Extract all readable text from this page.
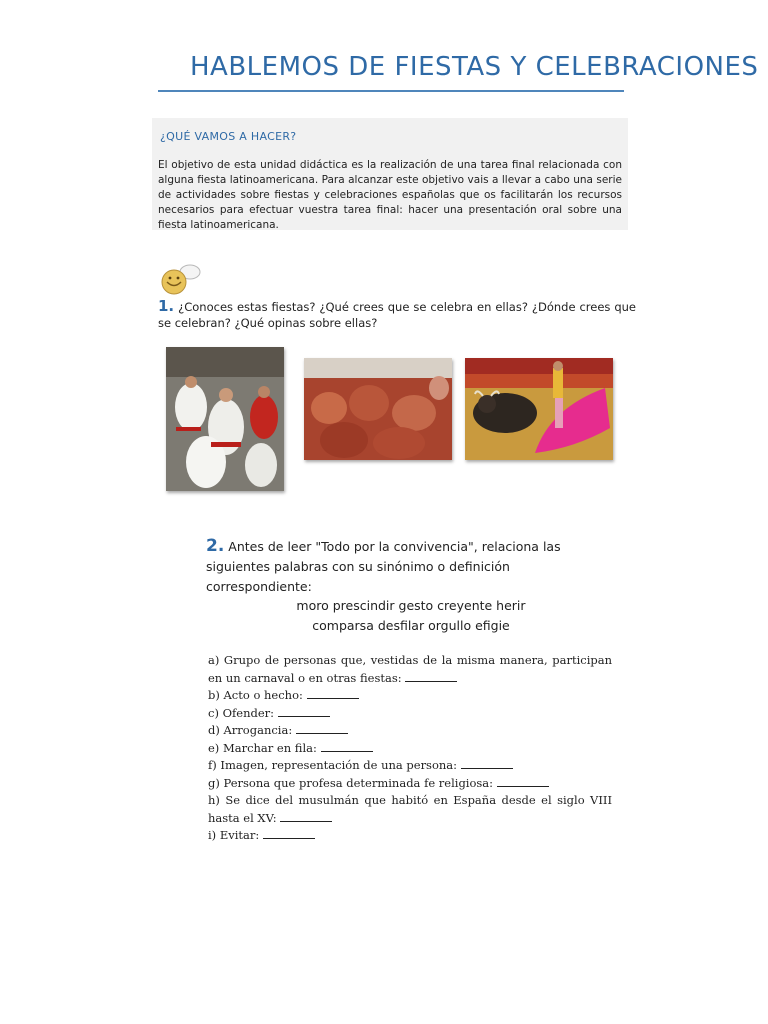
HABLEMOS DE FIESTAS Y CELEBRACIONES
¿QUÉ VAMOS A HACER?
El objetivo de esta unidad didáctica es la realización de una tarea final relacionada con alguna fiesta latinoamericana. Para alcanzar este objetivo vais a llevar a cabo una serie de actividades sobre fiestas y celebraciones españolas que os facilitarán los recursos necesarios para efectuar vuestra tarea final: hacer una presentación oral sobre una fiesta latinoamericana.
1. ¿Conoces estas fiestas? ¿Qué crees que se celebra en ellas? ¿Dónde crees que se celebran? ¿Qué opinas sobre ellas?
2. Antes de leer "Todo por la convivencia", relaciona las siguientes palabras con su sinónimo o definición correspondiente:
moro prescindir gesto creyente herir
comparsa desfilar orgullo efigie
a) Grupo de personas que, vestidas de la misma manera, participan en un carnaval o en otras fiestas:
b) Acto o hecho:
c) Ofender:
d) Arrogancia:
e) Marchar en fila:
f) Imagen, representación de una persona:
g) Persona que profesa determinada fe religiosa:
h) Se dice del musulmán que habitó en España desde el siglo VIII hasta el XV:
i) Evitar:
